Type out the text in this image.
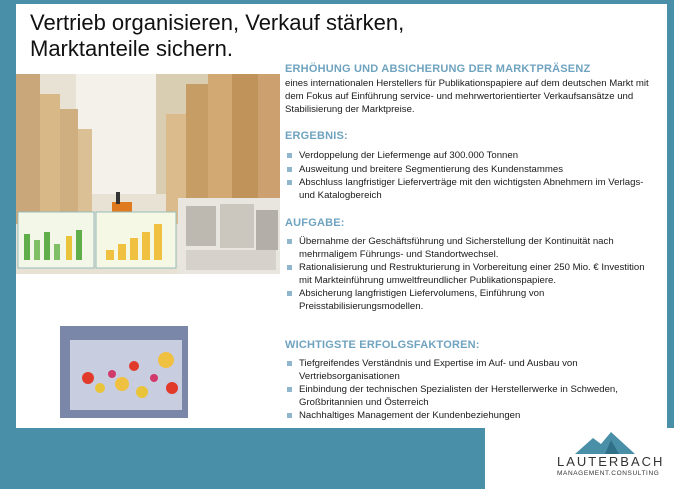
Vertrieb organisieren, Verkauf stärken,
Marktanteile sichern.
ERHÖHUNG UND ABSICHERUNG DER MARKTPRÄSENZ
eines internationalen Herstellers für Publikationspapiere auf dem deutschen Markt mit dem Fokus auf Einführung service- und mehrwertorientierter Verkaufsansätze und Stabilisierung der Marktpreise.
ERGEBNIS:
Verdoppelung der Liefermenge auf 300.000 Tonnen
Ausweitung und breitere Segmentierung des Kundenstammes
Abschluss langfristiger Lieferverträge mit den wichtigsten Abnehmern im Verlags- und Katalogbereich
AUFGABE:
Übernahme der Geschäftsführung und Sicherstellung der Kontinuität nach mehrmaligem Führungs- und Standortwechsel.
Rationalisierung und Restrukturierung in Vorbereitung einer 250 Mio. € Investition mit Markteinführung umweltfreundlicher Publikationspapiere.
Absicherung langfristigen Liefervolumens, Einführung von Preisstabilisierungsmodellen.
WICHTIGSTE ERFOLGSFAKTOREN:
Tiefgreifendes Verständnis und Expertise im Auf- und Ausbau von Vertriebsorganisationen
Einbindung der technischen Spezialisten der Herstellerwerke in Schweden, Großbritannien und Österreich
Nachhaltiges Management der Kundenbeziehungen
LAUTERBACH
MANAGEMENT.CONSULTING
